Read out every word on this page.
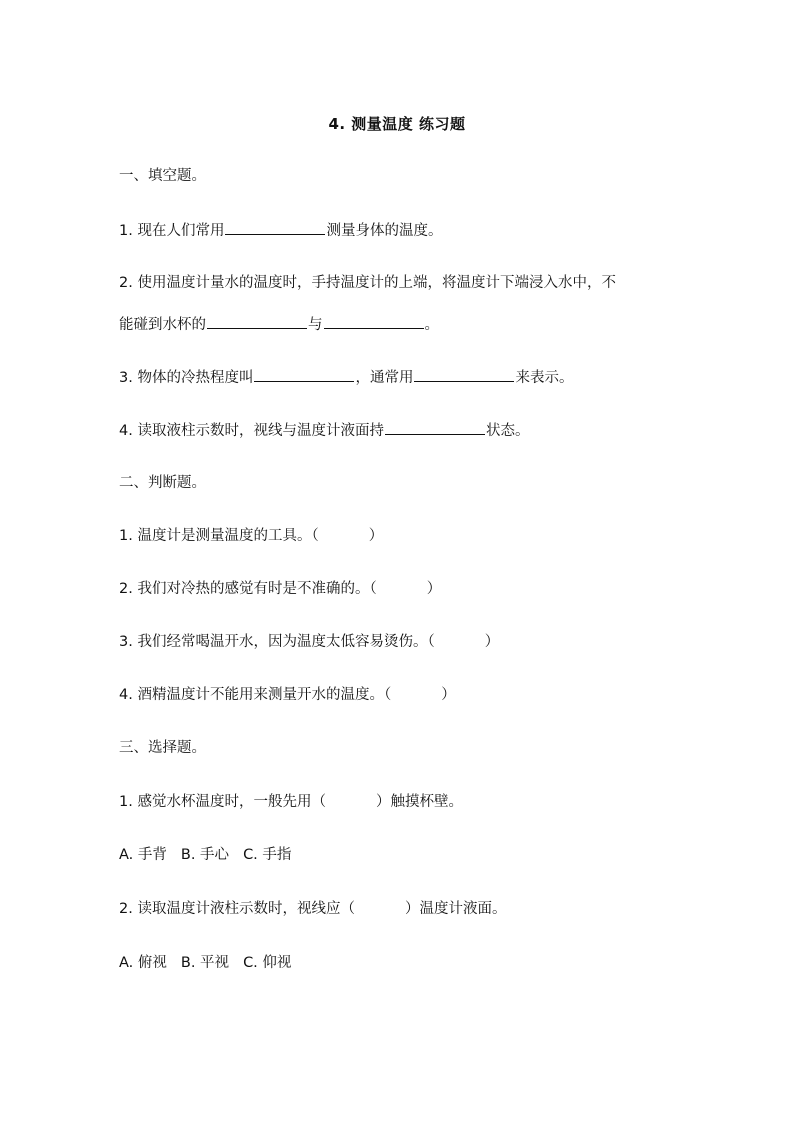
4. 测量温度 练习题
一、填空题。
1. 现在人们常用	测量身体的温度。
2. 使用温度计量水的温度时，手持温度计的上端，将温度计下端浸入水中，不
能碰到水杯的	与	。
3. 物体的冷热程度叫	，通常用	来表示。
4. 读取液柱示数时，视线与温度计液面持	状态。
二、判断题。
1. 温度计是测量温度的工具。（	）
2. 我们对冷热的感觉有时是不准确的。（	）
3. 我们经常喝温开水，因为温度太低容易烫伤。（	）
4. 酒精温度计不能用来测量开水的温度。（	）
三、选择题。
1. 感觉水杯温度时，一般先用（	）触摸杯壁。
A. 手背 B. 手心 C. 手指
2. 读取温度计液柱示数时，视线应（	）温度计液面。
A. 俯视 B. 平视 C. 仰视
